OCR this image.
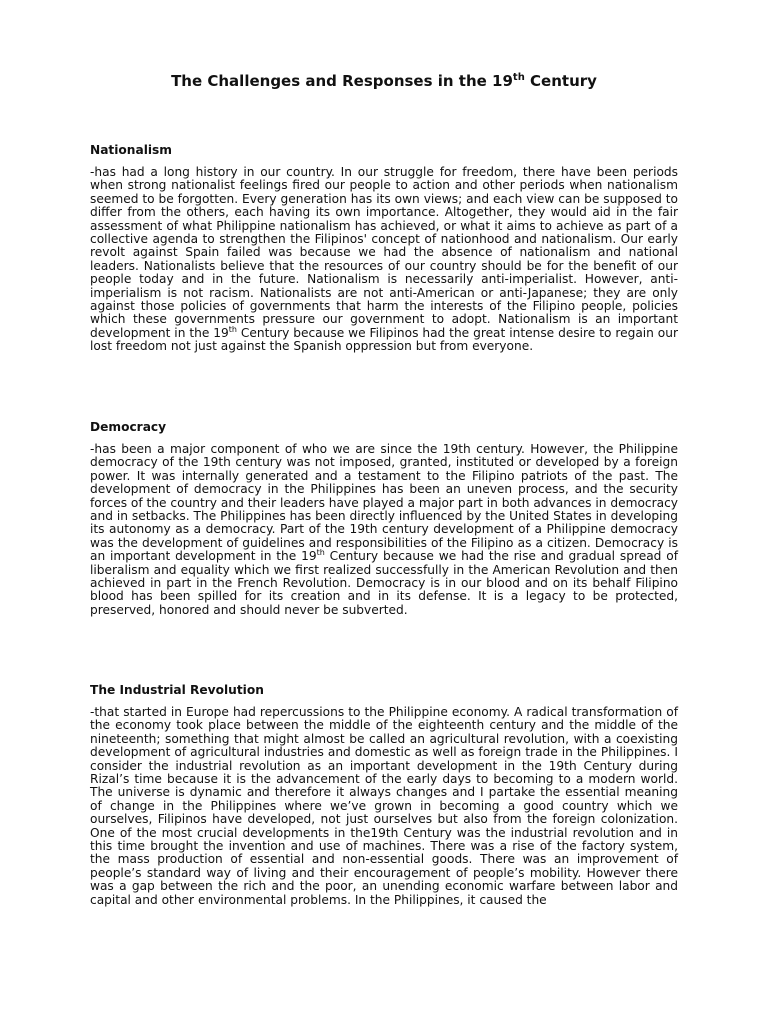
The Challenges and Responses in the 19th Century
Nationalism

-has had a long history in our country. In our struggle for freedom, there have been periods when strong nationalist feelings fired our people to action and other periods when nationalism seemed to be forgotten. Every generation has its own views; and each view can be supposed to differ from the others, each having its own importance. Altogether, they would aid in the fair assessment of what Philippine nationalism has achieved, or what it aims to achieve as part of a collective agenda to strengthen the Filipinos' concept of nationhood and nationalism. Our early revolt against Spain failed was because we had the absence of nationalism and national leaders. Nationalists believe that the resources of our country should be for the benefit of our people today and in the future. Nationalism is necessarily anti-imperialist. However, anti-imperialism is not racism. Nationalists are not anti-American or anti-Japanese; they are only against those policies of governments that harm the interests of the Filipino people, policies which these governments pressure our government to adopt. Nationalism is an important development in the 19th Century because we Filipinos had the great intense desire to regain our lost freedom not just against the Spanish oppression but from everyone.

Democracy

-has been a major component of who we are since the 19th century. However, the Philippine democracy of the 19th century was not imposed, granted, instituted or developed by a foreign power. It was internally generated and a testament to the Filipino patriots of the past. The development of democracy in the Philippines has been an uneven process, and the security forces of the country and their leaders have played a major part in both advances in democracy and in setbacks. The Philippines has been directly influenced by the United States in developing its autonomy as a democracy. Part of the 19th century development of a Philippine democracy was the development of guidelines and responsibilities of the Filipino as a citizen. Democracy is an important development in the 19th Century because we had the rise and gradual spread of liberalism and equality which we first realized successfully in the American Revolution and then achieved in part in the French Revolution. Democracy is in our blood and on its behalf Filipino blood has been spilled for its creation and in its defense. It is a legacy to be protected, preserved, honored and should never be subverted.

The Industrial Revolution

-that started in Europe had repercussions to the Philippine economy. A radical transformation of the economy took place between the middle of the eighteenth century and the middle of the nineteenth; something that might almost be called an agricultural revolution, with a coexisting development of agricultural industries and domestic as well as foreign trade in the Philippines. I consider the industrial revolution as an important development in the 19th Century during Rizal’s time because it is the advancement of the early days to becoming to a modern world. The universe is dynamic and therefore it always changes and I partake the essential meaning of change in the Philippines where we’ve grown in becoming a good country which we ourselves, Filipinos have developed, not just ourselves but also from the foreign colonization. One of the most crucial developments in the19th Century was the industrial revolution and in this time brought the invention and use of machines. There was a rise of the factory system, the mass production of essential and non-essential goods. There was an improvement of people’s standard way of living and their encouragement of people’s mobility. However there was a gap between the rich and the poor, an unending economic warfare between labor and capital and other environmental problems. In the Philippines, it caused the
